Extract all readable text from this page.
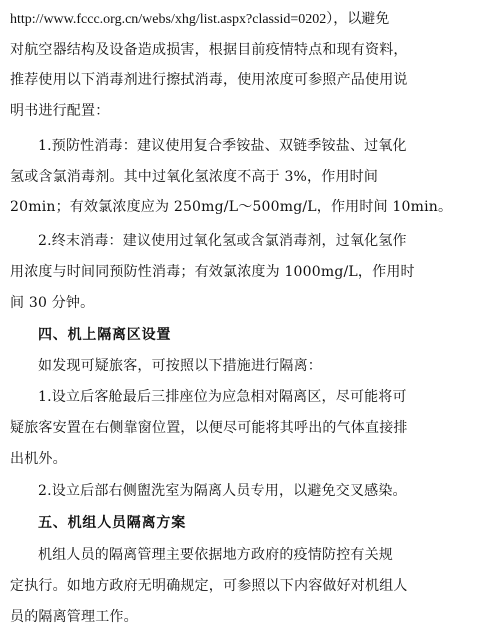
http://www.fccc.org.cn/webs/xhg/list.aspx?classid=0202），以避免
对航空器结构及设备造成损害，根据目前疫情特点和现有资料，
推荐使用以下消毒剂进行擦拭消毒，使用浓度可参照产品使用说
明书进行配置：
1.预防性消毒：建议使用复合季铵盐、双链季铵盐、过氧化
氢或含氯消毒剂。其中过氧化氢浓度不高于 3%，作用时间
20min；有效氯浓度应为 250mg/L～500mg/L，作用时间 10min。
2.终末消毒：建议使用过氧化氢或含氯消毒剂，过氧化氢作
用浓度与时间同预防性消毒；有效氯浓度为 1000mg/L，作用时
间 30 分钟。
四、机上隔离区设置
如发现可疑旅客，可按照以下措施进行隔离：
1.设立后客舱最后三排座位为应急相对隔离区，尽可能将可
疑旅客安置在右侧靠窗位置，以便尽可能将其呼出的气体直接排
出机外。
2.设立后部右侧盥洗室为隔离人员专用，以避免交叉感染。
五、机组人员隔离方案
机组人员的隔离管理主要依据地方政府的疫情防控有关规
定执行。如地方政府无明确规定，可参照以下内容做好对机组人
员的隔离管理工作。
